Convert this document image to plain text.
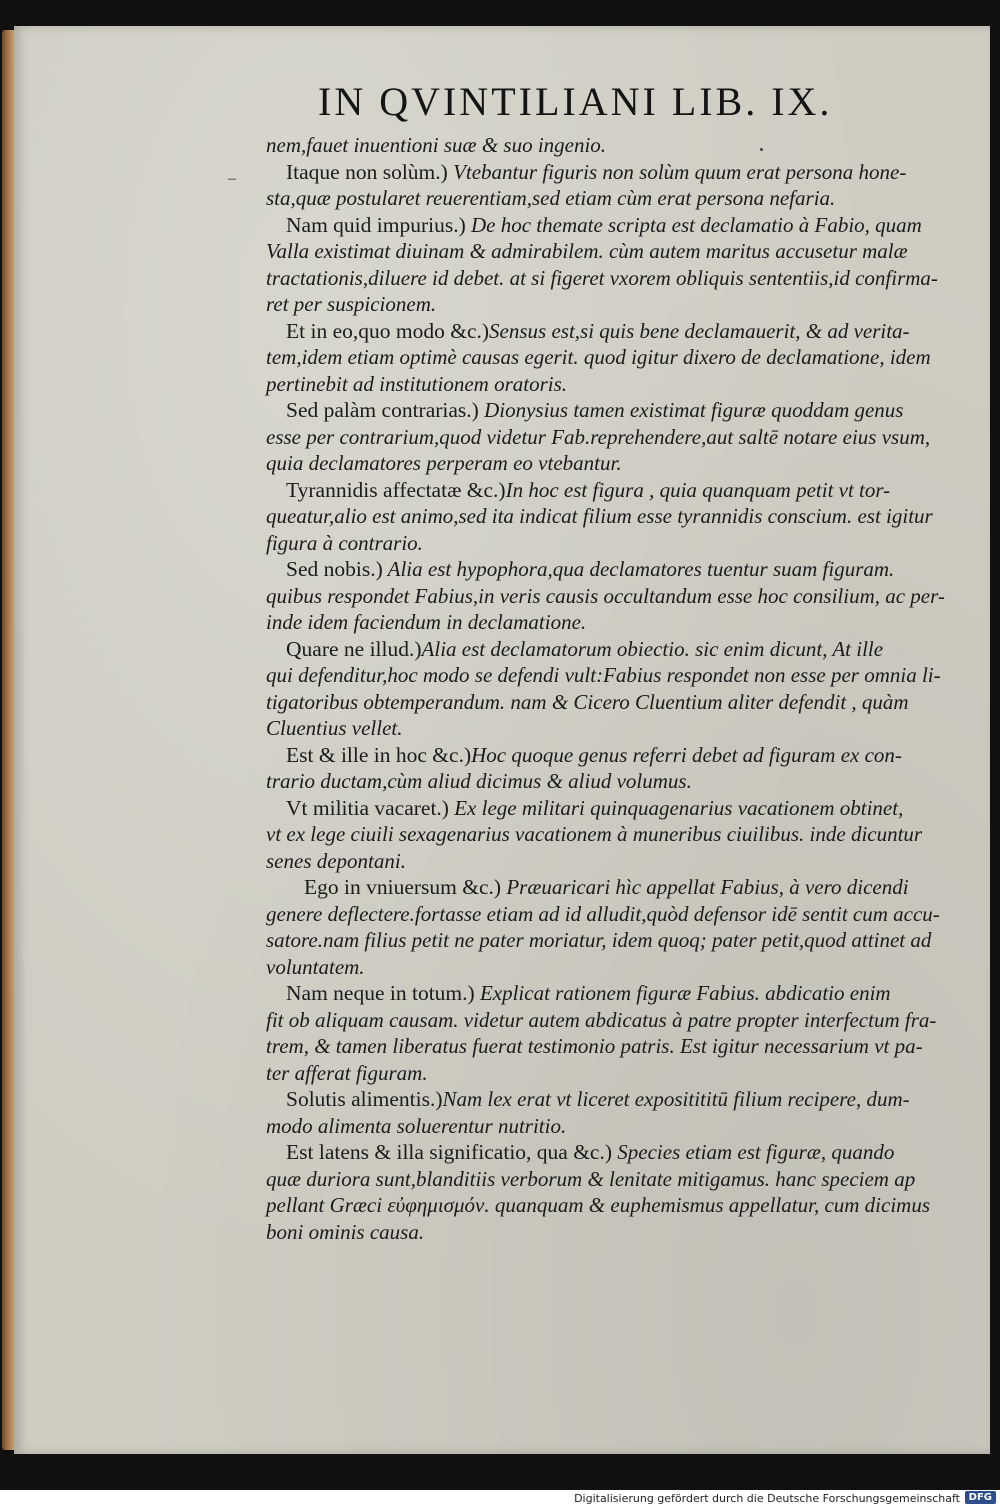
IN QVINTILIANI LIB. IX.
–
nem,fauet inuentioni suæ & suo ingenio.
Itaque non solùm.) Vtebantur figuris non solùm quum erat persona hone-
sta,quæ postularet reuerentiam,sed etiam cùm erat persona nefaria.
Nam quid impurius.) De hoc themate scripta est declamatio à Fabio, quam
Valla existimat diuinam & admirabilem. cùm autem maritus accusetur malæ
tractationis,diluere id debet. at si figeret vxorem obliquis sententiis,id confirma-
ret per suspicionem.
Et in eo,quo modo &c.)Sensus est,si quis bene declamauerit, & ad verita-
tem,idem etiam optimè causas egerit. quod igitur dixero de declamatione, idem
pertinebit ad institutionem oratoris.
Sed palàm contrarias.) Dionysius tamen existimat figuræ quoddam genus
esse per contrarium,quod videtur Fab.reprehendere,aut saltē notare eius vsum,
quia declamatores perperam eo vtebantur.
Tyrannidis affectatæ &c.)In hoc est figura , quia quanquam petit vt tor-
queatur,alio est animo,sed ita indicat filium esse tyrannidis conscium. est igitur
figura à contrario.
Sed nobis.) Alia est hypophora,qua declamatores tuentur suam figuram.
quibus respondet Fabius,in veris causis occultandum esse hoc consilium, ac per-
inde idem faciendum in declamatione.
Quare ne illud.)Alia est declamatorum obiectio. sic enim dicunt, At ille
qui defenditur,hoc modo se defendi vult:Fabius respondet non esse per omnia li-
tigatoribus obtemperandum. nam & Cicero Cluentium aliter defendit , quàm
Cluentius vellet.
Est & ille in hoc &c.)Hoc quoque genus referri debet ad figuram ex con-
trario ductam,cùm aliud dicimus & aliud volumus.
Vt militia vacaret.) Ex lege militari quinquagenarius vacationem obtinet,
vt ex lege ciuili sexagenarius vacationem à muneribus ciuilibus. inde dicuntur
senes depontani.
Ego in vniuersum &c.) Præuaricari hìc appellat Fabius, à vero dicendi
genere deflectere.fortasse etiam ad id alludit,quòd defensor idē sentit cum accu-
satore.nam filius petit ne pater moriatur, idem quoq; pater petit,quod attinet ad
voluntatem.
Nam neque in totum.) Explicat rationem figuræ Fabius. abdicatio enim
fit ob aliquam causam. videtur autem abdicatus à patre propter interfectum fra-
trem, & tamen liberatus fuerat testimonio patris. Est igitur necessarium vt pa-
ter afferat figuram.
Solutis alimentis.)Nam lex erat vt liceret expositititū filium recipere, dum-
modo alimenta soluerentur nutritio.
Est latens & illa significatio, qua &c.) Species etiam est figuræ, quando
quæ duriora sunt,blanditiis verborum & lenitate mitigamus. hanc speciem ap
pellant Græci εὐφημισμόν. quanquam & euphemismus appellatur, cum dicimus
boni ominis causa.
Digitalisierung gefördert durch die Deutsche Forschungsgemeinschaft DFG
